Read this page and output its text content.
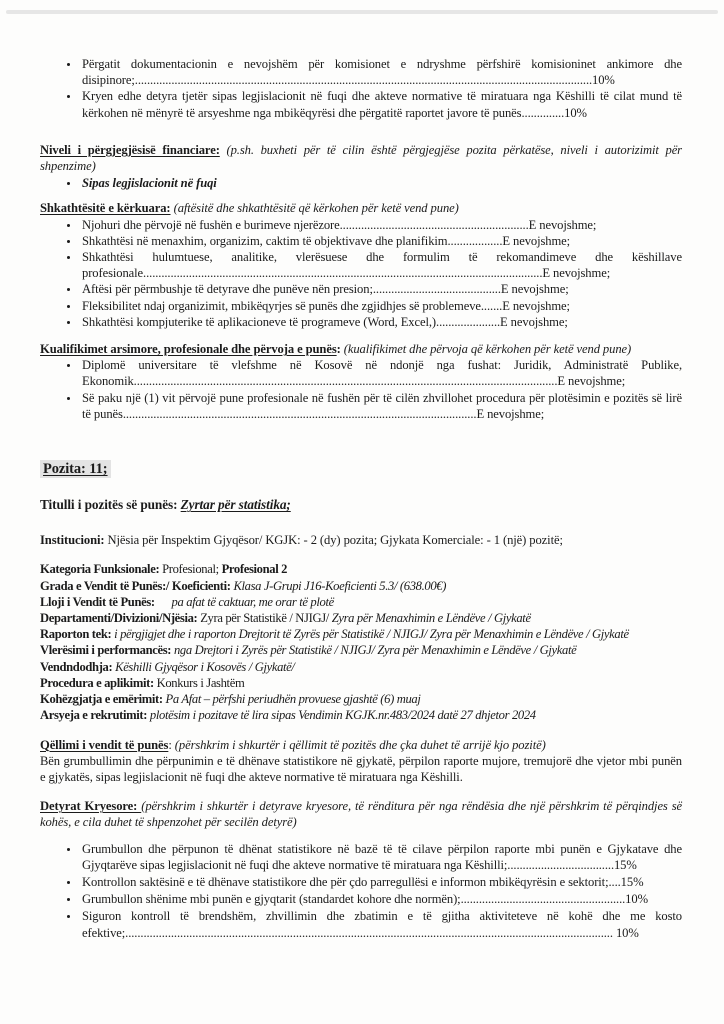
• Përgatit dokumentacionin e nevojshëm për komisionet e ndryshme përfshirë komisioninet ankimore dhe disipinore;......................................................................................................................................................10%
• Kryen edhe detyra tjetër sipas legjislacionit në fuqi dhe akteve normative të miratuara nga Këshilli të cilat mund të kërkohen në mënyrë të arsyeshme nga mbikëqyrësi dhe përgatitë raportet javore të punës..............10%

Niveli i përgjegjësisë financiare: (p.sh. buxheti për të cilin është përgjegjëse pozita përkatëse, niveli i autorizimit për shpenzime)

• Sipas legjislacionit në fuqi

Shkathtësitë e kërkuara: (aftësitë dhe shkathtësitë që kërkohen për ketë vend pune)

• Njohuri dhe përvojë në fushën e burimeve njerëzore..............................................................E nevojshme;
• Shkathtësi në menaxhim, organizim, caktim të objektivave dhe planifikim..................E nevojshme;
• Shkathtësi hulumtuese, analitike, vlerësuese dhe formulim të rekomandimeve dhe këshillave profesionale...................................................................................................................................E nevojshme;
• Aftësi për përmbushje të detyrave dhe punëve nën presion;..........................................E nevojshme;
• Fleksibilitet ndaj organizimit, mbikëqyrjes së punës dhe zgjidhjes së problemeve.......E nevojshme;
• Shkathtësi kompjuterike të aplikacioneve të programeve (Word, Excel,).....................E nevojshme;

Kualifikimet arsimore, profesionale dhe përvoja e punës: (kualifikimet dhe përvoja që kërkohen për ketë vend pune)

• Diplomë universitare të vlefshme në Kosovë në ndonjë nga fushat: Juridik, Administratë Publike, Ekonomik...........................................................................................................................................E nevojshme;
• Së paku një (1) vit përvojë pune profesionale në fushën për të cilën zhvillohet procedura për plotësimin e pozitës së lirë të punës....................................................................................................................E nevojshme;

Pozita: 11;

Titulli i pozitës së punës: Zyrtar për statistika;

Institucioni: Njësia për Inspektim Gjyqësor/ KGJK: - 2 (dy) pozita; Gjykata Komerciale: - 1 (një) pozitë;

Kategoria Funksionale: Profesional; Profesional 2

Grada e Vendit të Punës:/ Koeficienti: Klasa J-Grupi J16-Koeficienti 5.3/ (638.00€)

Lloji i Vendit të Punës:      pa afat të caktuar, me orar të plotë

Departamenti/Divizioni/Njësia: Zyra për Statistikë / NJIGJ/ Zyra për Menaxhimin e Lëndëve / Gjykatë

Raporton tek: i përgjigjet dhe i raporton Drejtorit të Zyrës për Statistikë / NJIGJ/ Zyra për Menaxhimin e Lëndëve / Gjykatë

Vlerësimi i performancës: nga Drejtori i Zyrës për Statistikë / NJIGJ/ Zyra për Menaxhimin e Lëndëve / Gjykatë

Vendndodhja: Këshilli Gjyqësor i Kosovës / Gjykatë/

Procedura e aplikimit: Konkurs i Jashtëm

Kohëzgjatja e emërimit: Pa Afat – përfshi periudhën provuese gjashtë (6) muaj

Arsyeja e rekrutimit: plotësim i pozitave të lira sipas Vendimin KGJK.nr.483/2024 datë 27 dhjetor 2024

Qëllimi i vendit të punës: (përshkrim i shkurtër i qëllimit të pozitës dhe çka duhet të arrijë kjo pozitë)

Bën grumbullimin dhe përpunimin e të dhënave statistikore në gjykatë, përpilon raporte mujore, tremujorë dhe vjetor mbi punën e gjykatës, sipas legjislacionit në fuqi dhe akteve normative të miratuara nga Këshilli.

Detyrat Kryesore: (përshkrim i shkurtër i detyrave kryesore, të rënditura për nga rëndësia dhe një përshkrim të përqindjes së kohës, e cila duhet të shpenzohet për secilën detyrë)

• Grumbullon dhe përpunon të dhënat statistikore në bazë të të cilave përpilon raporte mbi punën e Gjykatave dhe Gjyqtarëve sipas legjislacionit në fuqi dhe akteve normative të miratuara nga Këshilli;...................................15%
• Kontrollon saktësinë e të dhënave statistikore dhe për çdo parregullësi e informon mbikëqyrësin e sektorit;....15%
• Grumbullon shënime mbi punën e gjyqtarit (standardet kohore dhe normën);......................................................10%
• Siguron kontroll të brendshëm, zhvillimin dhe zbatimin e të gjitha aktiviteteve në kohë dhe me kosto efektive;................................................................................................................................................................ 10%
